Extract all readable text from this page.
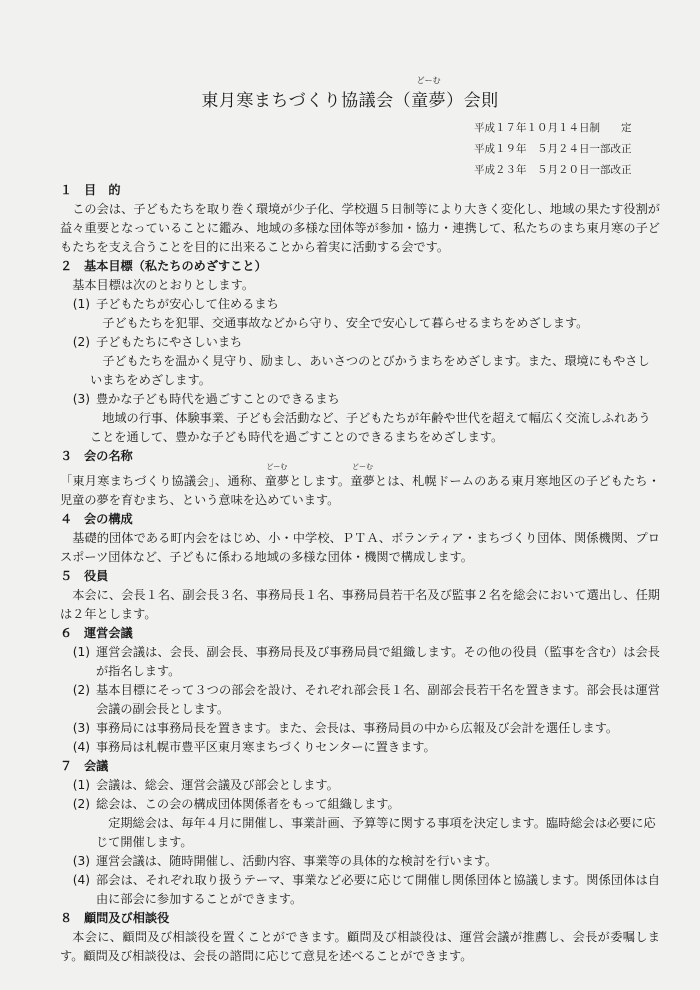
東月寒まちづくり協議会（
どーむ
童夢）会則
平成１７年１０月１４日制　　定
平成１９年　５月２４日一部改正
平成２３年　５月２０日一部改正
１ 目　的
この会は、子どもたちを取り巻く環境が少子化、学校週５日制等により大きく変化し、地域の果たす役割が益々重要となっていることに鑑み、地域の多様な団体等が参加・協力・連携して、私たちのまち東月寒の子どもたちを支え合うことを目的に出来ることから着実に活動する会です。
２ 基本目標（私たちのめざすこと）
基本目標は次のとおりとします。
(1) 子どもたちが安心して住めるまち
子どもたちを犯罪、交通事故などから守り、安全で安心して暮らせるまちをめざします。
(2) 子どもたちにやさしいまち
子どもたちを温かく見守り、励まし、あいさつのとびかうまちをめざします。また、環境にもやさしいまちをめざします。
(3) 豊かな子ども時代を過ごすことのできるまち
地域の行事、体験事業、子ども会活動など、子どもたちが年齢や世代を超えて幅広く交流しふれあうことを通して、豊かな子ども時代を過ごすことのできるまちをめざします。
３ 会の名称
「東月寒まちづくり協議会」、通称、
どーむ
童夢とします。
どーむ
童夢とは、札幌ドームのある東月寒地区の子どもたち・児童の夢を育むまち、という意味を込めています。
４ 会の構成
基礎的団体である町内会をはじめ、小・中学校、ＰＴＡ、ボランティア・まちづくり団体、関係機関、プロスポーツ団体など、子どもに係わる地域の多様な団体・機関で構成します。
５ 役員
本会に、会長１名、副会長３名、事務局長１名、事務局員若干名及び監事２名を総会において選出し、任期は２年とします。
６ 運営会議
(1) 運営会議は、会長、副会長、事務局長及び事務局員で組織します。その他の役員（監事を含む）は会長が指名します。
(2) 基本目標にそって３つの部会を設け、それぞれ部会長１名、副部会長若干名を置きます。部会長は運営会議の副会長とします。
(3) 事務局には事務局長を置きます。また、会長は、事務局員の中から広報及び会計を選任します。
(4) 事務局は札幌市豊平区東月寒まちづくりセンターに置きます。
７ 会議
(1) 会議は、総会、運営会議及び部会とします。
(2) 総会は、この会の構成団体関係者をもって組織します。
定期総会は、毎年４月に開催し、事業計画、予算等に関する事項を決定します。臨時総会は必要に応じて開催します。
(3) 運営会議は、随時開催し、活動内容、事業等の具体的な検討を行います。
(4) 部会は、それぞれ取り扱うテーマ、事業など必要に応じて開催し関係団体と協議します。関係団体は自由に部会に参加することができます。
８ 顧問及び相談役
本会に、顧問及び相談役を置くことができます。顧問及び相談役は、運営会議が推薦し、会長が委嘱します。顧問及び相談役は、会長の諮問に応じて意見を述べることができます。
